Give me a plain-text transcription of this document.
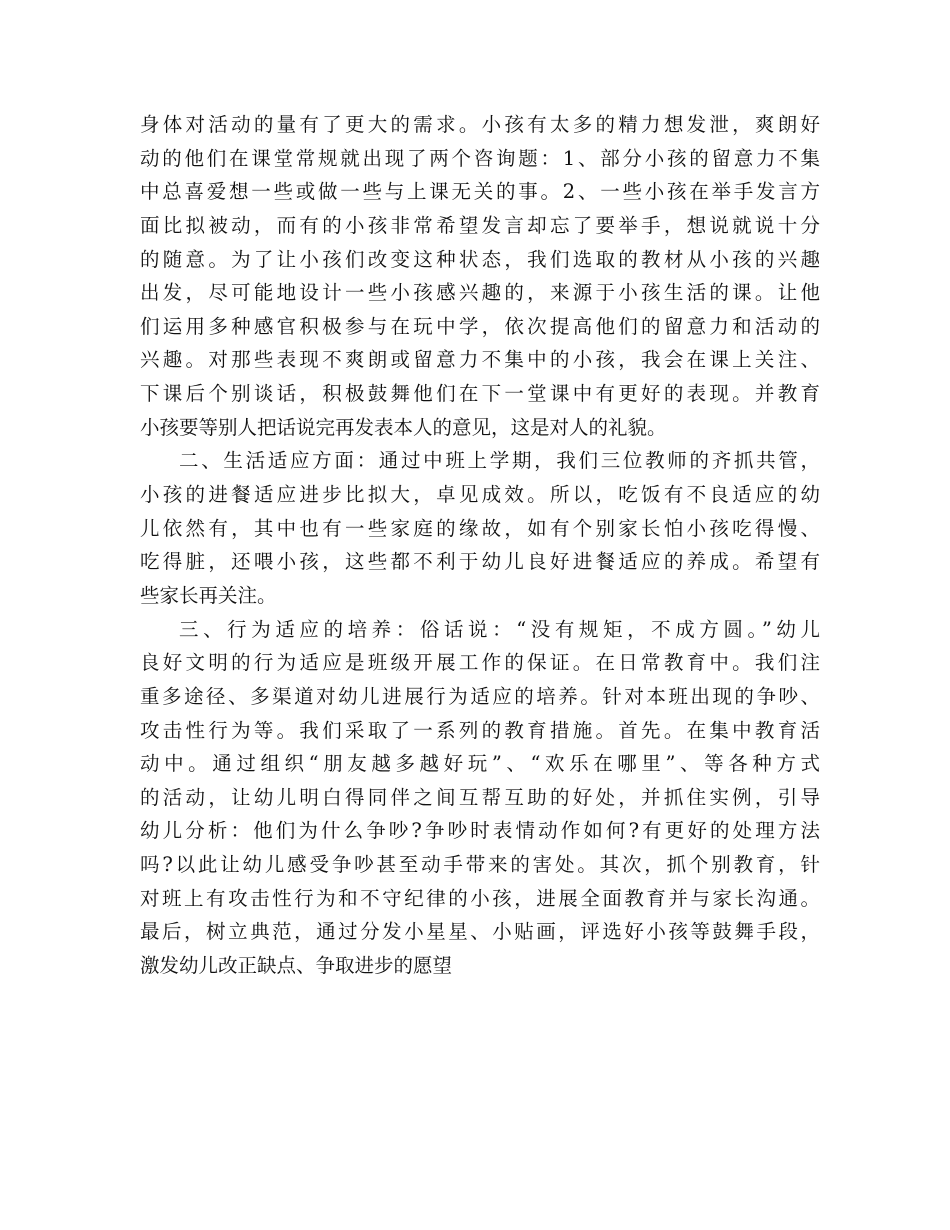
身体对活动的量有了更大的需求。小孩有太多的精力想发泄，爽朗好
动的他们在课堂常规就出现了两个咨询题：1、部分小孩的留意力不集
中总喜爱想一些或做一些与上课无关的事。2、一些小孩在举手发言方
面比拟被动，而有的小孩非常希望发言却忘了要举手，想说就说十分
的随意。为了让小孩们改变这种状态，我们选取的教材从小孩的兴趣
出发，尽可能地设计一些小孩感兴趣的，来源于小孩生活的课。让他
们运用多种感官积极参与在玩中学，依次提高他们的留意力和活动的
兴趣。对那些表现不爽朗或留意力不集中的小孩，我会在课上关注、
下课后个别谈话，积极鼓舞他们在下一堂课中有更好的表现。并教育
小孩要等别人把话说完再发表本人的意见，这是对人的礼貌。
二、生活适应方面：通过中班上学期，我们三位教师的齐抓共管，
小孩的进餐适应进步比拟大，卓见成效。所以，吃饭有不良适应的幼
儿依然有，其中也有一些家庭的缘故，如有个别家长怕小孩吃得慢、
吃得脏，还喂小孩，这些都不利于幼儿良好进餐适应的养成。希望有
些家长再关注。
三、行为适应的培养：俗话说：“没有规矩，不成方圆。”幼儿
良好文明的行为适应是班级开展工作的保证。在日常教育中。我们注
重多途径、多渠道对幼儿进展行为适应的培养。针对本班出现的争吵、
攻击性行为等。我们采取了一系列的教育措施。首先。在集中教育活
动中。通过组织“朋友越多越好玩”、“欢乐在哪里”、等各种方式
的活动，让幼儿明白得同伴之间互帮互助的好处，并抓住实例，引导
幼儿分析：他们为什么争吵?争吵时表情动作如何?有更好的处理方法
吗?以此让幼儿感受争吵甚至动手带来的害处。其次，抓个别教育，针
对班上有攻击性行为和不守纪律的小孩，进展全面教育并与家长沟通。
最后，树立典范，通过分发小星星、小贴画，评选好小孩等鼓舞手段，
激发幼儿改正缺点、争取进步的愿望
